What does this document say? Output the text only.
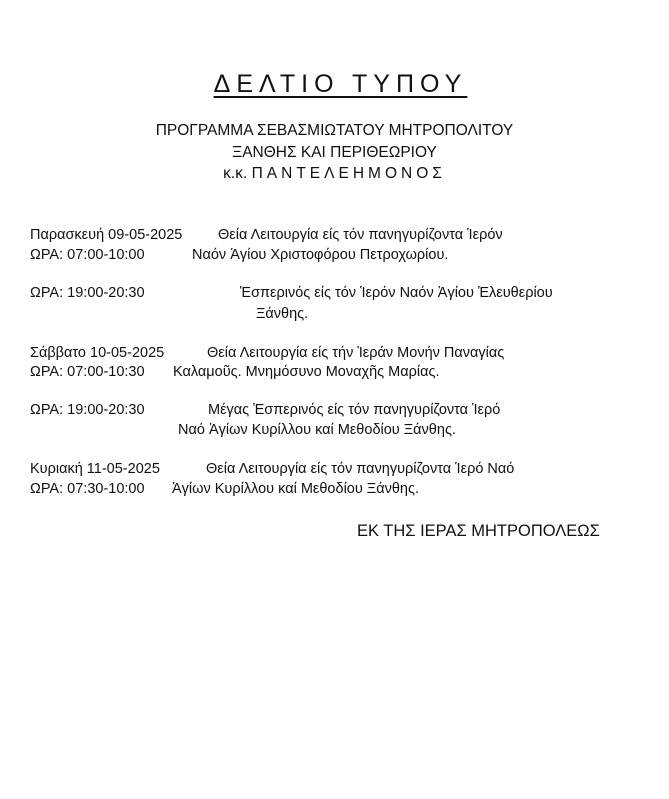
ΔΕΛΤΙΟ ΤΥΠΟΥ
ΠΡΟΓΡΑΜΜΑ ΣΕΒΑΣΜΙΩΤΑΤΟΥ ΜΗΤΡΟΠΟΛΙΤΟΥ
ΞΑΝΘΗΣ ΚΑΙ ΠΕΡΙΘΕΩΡΙΟΥ
κ.κ. ΠΑΝΤΕΛΕΗΜΟΝΟΣ
Παρασκευή 09-05-2025
ΩΡΑ: 07:00-10:00
Θεία Λειτουργία είς τόν πανηγυρίζοντα Ἱερόν
Ναόν Ἁγίου Χριστοφόρου Πετροχωρίου.
ΩΡΑ: 19:00-20:30	Ἑσπερινός είς τόν Ἱερόν Ναόν Ἁγίου Ἐλευθερίου
Ξάνθης.
Σάββατο 10-05-2025
ΩΡΑ: 07:00-10:30
Θεία Λειτουργία είς τήν Ἱεράν Μονήν Παναγίας
Καλαμοῦς. Μνημόσυνο Μοναχῆς Μαρίας.
ΩΡΑ: 19:00-20:30	Μέγας Ἑσπερινός είς τόν πανηγυρίζοντα Ἱερό
Ναό Ἁγίων Κυρίλλου καί Μεθοδίου Ξάνθης.
Κυριακή 11-05-2025
ΩΡΑ: 07:30-10:00
Θεία Λειτουργία είς τόν πανηγυρίζοντα Ἱερό Ναό
Ἁγίων Κυρίλλου καί Μεθοδίου Ξάνθης.
ΕΚ ΤΗΣ ΙΕΡΑΣ ΜΗΤΡΟΠΟΛΕΩΣ
